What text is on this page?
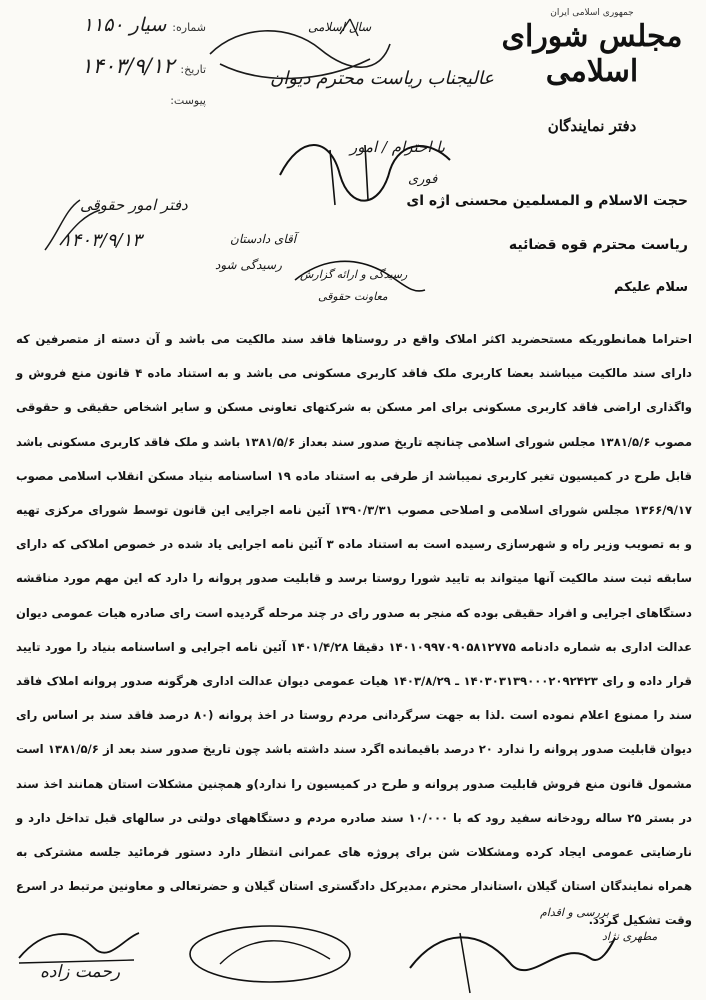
جمهوری اسلامی ایران
مجلس شورای اسلامی
دفتر نمایندگان
شماره:
سیار ۱۱۵۰
تاریخ:
۱۴۰۳/۹/۱۲
پیوست:
عالیجناب ریاست محترم دیوان
سال اسلامی
با احترام / امور
فوری
دفتر امور حقوقی
۱۴۰۳/۹/۱۳
حجت الاسلام و المسلمین محسنی اژه ای
ریاست محترم قوه قضائیه
سلام علیکم
آقای دادستان
رسیدگی شود
رسیدگی و ارائه گزارش
معاونت حقوقی
احتراما همانطوریکه مستحضرید اکثر املاک واقع در روستاها فاقد سند مالکیت می باشد و آن دسته از متصرفین که دارای سند مالکیت میباشند بعضا کاربری ملک فاقد کاربری مسکونی می باشد و به استناد ماده ۴ قانون منع فروش و واگذاری اراضی فاقد کاربری مسکونی برای امر مسکن به شرکتهای تعاونی مسکن و سایر اشخاص حقیقی و حقوقی مصوب ۱۳۸۱/۵/۶ مجلس شورای اسلامی چنانچه تاریخ صدور سند بعداز ۱۳۸۱/۵/۶ باشد و ملک فاقد کاربری مسکونی باشد قابل طرح در کمیسیون تغیر کاربری نمیباشد از طرفی به استناد ماده ۱۹ اساسنامه بنیاد مسکن انقلاب اسلامی مصوب ۱۳۶۶/۹/۱۷ مجلس شورای اسلامی و اصلاحی مصوب ۱۳۹۰/۳/۳۱ آئین نامه اجرایی این قانون توسط شورای مرکزی تهیه و به تصویب وزیر راه و شهرسازی رسیده است به استناد ماده ۳ آئین نامه اجرایی یاد شده در خصوص املاکی که دارای سابقه ثبت سند مالکیت آنها میتواند به تایید شورا روستا برسد و قابلیت صدور پروانه را دارد که این مهم مورد مناقشه دستگاهای اجرایی و افراد حقیقی بوده که منجر به صدور رای در چند مرحله گردیده است رای صادره هیات عمومی دیوان عدالت اداری به شماره دادنامه ۱۴۰۱۰۹۹۷۰۹۰۵۸۱۲۷۷۵ دقیقا ۱۴۰۱/۴/۲۸ آئین نامه اجرایی و اساسنامه بنیاد را مورد تایید قرار داده و رای ۱۴۰۳۰۳۱۳۹۰۰۰۲۰۹۲۴۲۳ ـ ۱۴۰۳/۸/۲۹ هیات عمومی دیوان عدالت اداری هرگونه صدور پروانه املاک فاقد سند را ممنوع اعلام نموده است .لذا به جهت سرگردانی مردم روستا در اخذ پروانه (۸۰ درصد فاقد سند بر اساس رای دیوان قابلیت صدور پروانه را ندارد ۲۰ درصد باقیمانده اگرد سند داشته باشد چون تاریخ صدور سند بعد از ۱۳۸۱/۵/۶ است مشمول قانون منع فروش قابلیت صدور پروانه و طرح در کمیسیون را ندارد)و همچنین مشکلات استان همانند اخذ سند در بستر ۲۵ ساله رودخانه سفید رود که با ۱۰/۰۰۰ سند صادره مردم و دستگاههای دولتی در سالهای قبل تداخل دارد و نارضایتی عمومی ایجاد کرده ومشکلات شن برای پروژه های عمرانی انتظار دارد دستور فرمائید جلسه مشترکی به همراه نمایندگان استان گیلان ،استاندار محترم ،مدیرکل دادگستری استان گیلان و حضرتعالی و معاونین مرتبط در اسرع وقت تشکیل گردد.
رحمت زاده
بررسی و اقدام
مطهری نژاد
